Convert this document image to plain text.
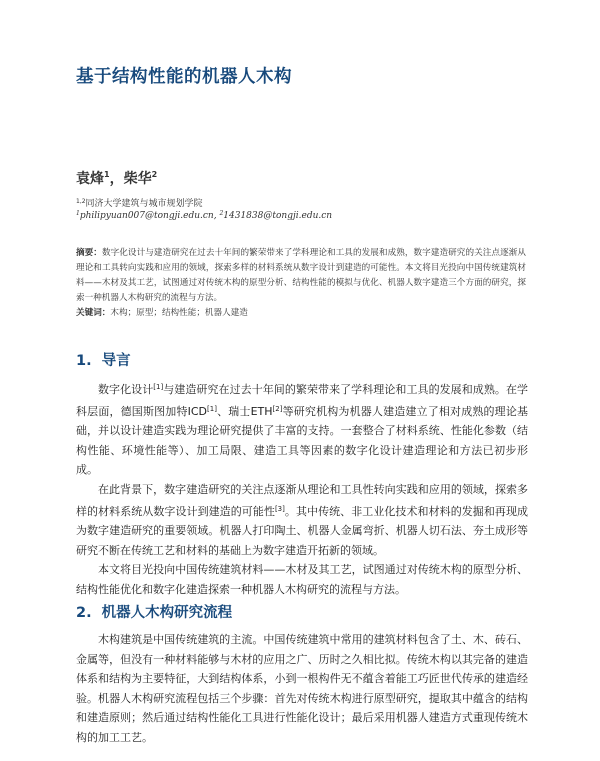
基于结构性能的机器人木构
袁烽$^1$，柴华$^2$
$^{1,2}$同济大学建筑与城市规划学院
$^1$philipyuan007@tongji.edu.cn, $^2$1431838@tongji.edu.cn

摘要：数字化设计与建造研究在过去十年间的繁荣带来了学科理论和工具的发展和成熟，数字建造研究的关注点逐渐从理论和工具转向实践和应用的领域，探索多样的材料系统从数字设计到建造的可能性。本文将目光投向中国传统建筑材料——木材及其工艺，试图通过对传统木构的原型分析、结构性能的模拟与优化、机器人数字建造三个方面的研究，探索一种机器人木构研究的流程与方法。

关键词：木构；原型；结构性能；机器人建造

1. 导言

数字化设计[1]与建造研究在过去十年间的繁荣带来了学科理论和工具的发展和成熟。在学科层面，德国斯图加特ICD[1]、瑞士ETH[2]等研究机构为机器人建造建立了相对成熟的理论基础，并以设计建造实践为理论研究提供了丰富的支持。一套整合了材料系统、性能化参数（结构性能、环境性能等）、加工局限、建造工具等因素的数字化设计建造理论和方法已初步形成。

在此背景下，数字建造研究的关注点逐渐从理论和工具性转向实践和应用的领域，探索多样的材料系统从数字设计到建造的可能性[3]。其中传统、非工业化技术和材料的发掘和再现成为数字建造研究的重要领域。机器人打印陶土、机器人金属弯折、机器人切石法、夯土成形等研究不断在传统工艺和材料的基础上为数字建造开拓新的领域。

本文将目光投向中国传统建筑材料——木材及其工艺，试图通过对传统木构的原型分析、结构性能优化和数字化建造探索一种机器人木构研究的流程与方法。

2. 机器人木构研究流程

木构建筑是中国传统建筑的主流。中国传统建筑中常用的建筑材料包含了土、木、砖石、金属等，但没有一种材料能够与木材的应用之广、历时之久相比拟。传统木构以其完备的建造体系和结构为主要特征，大到结构体系，小到一根构件无不蕴含着能工巧匠世代传承的建造经验。机器人木构研究流程包括三个步骤：首先对传统木构进行原型研究，提取其中蕴含的结构和建造原则；然后通过结构性能化工具进行性能化设计；最后采用机器人建造方式重现传统木构的加工工艺。
